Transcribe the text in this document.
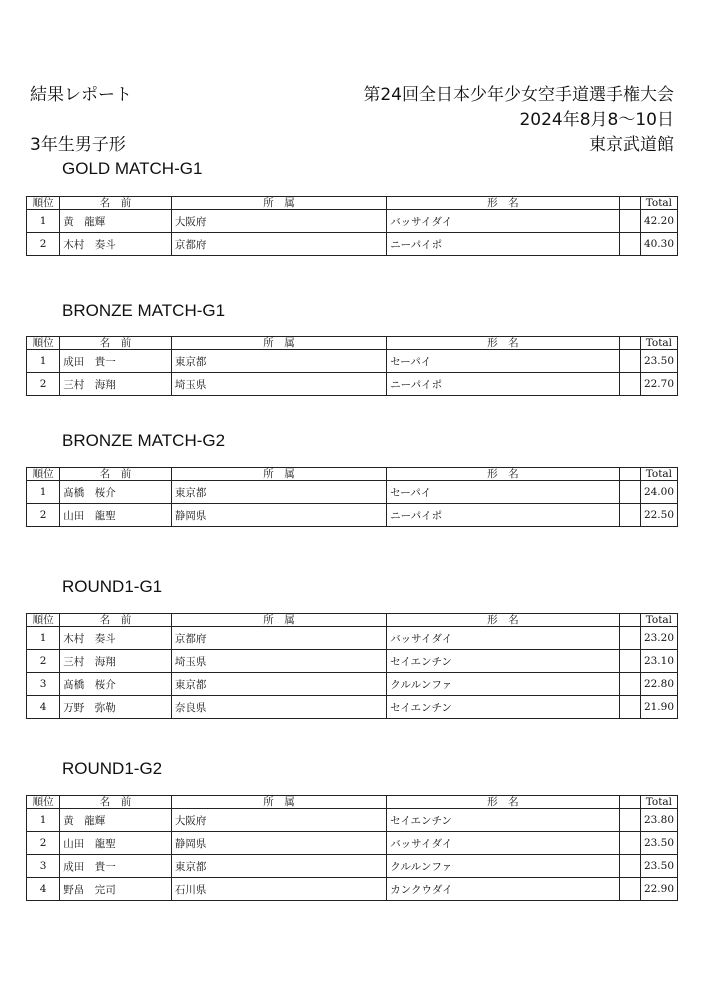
結果レポート	第24回全日本少年少女空手道選手権大会
2024年8月8～10日
3年生男子形	東京武道館
GOLD MATCH-G1
順位	名　前	所　属	形　名		Total
1	黄　龍輝	大阪府	バッサイダイ		42.20
2	木村　奏斗	京都府	ニーパイポ		40.30
BRONZE MATCH-G1
順位	名　前	所　属	形　名		Total
1	成田　貴一	東京都	セーパイ		23.50
2	三村　海翔	埼玉県	ニーパイポ		22.70
BRONZE MATCH-G2
順位	名　前	所　属	形　名		Total
1	髙橋　桜介	東京都	セーパイ		24.00
2	山田　龍聖	静岡県	ニーパイポ		22.50
ROUND1-G1
順位	名　前	所　属	形　名		Total
1	木村　奏斗	京都府	バッサイダイ		23.20
2	三村　海翔	埼玉県	セイエンチン		23.10
3	髙橋　桜介	東京都	クルルンファ		22.80
4	万野　弥勒	奈良県	セイエンチン		21.90
ROUND1-G2
順位	名　前	所　属	形　名		Total
1	黄　龍輝	大阪府	セイエンチン		23.80
2	山田　龍聖	静岡県	バッサイダイ		23.50
3	成田　貴一	東京都	クルルンファ		23.50
4	野畠　完司	石川県	カンクウダイ		22.90
